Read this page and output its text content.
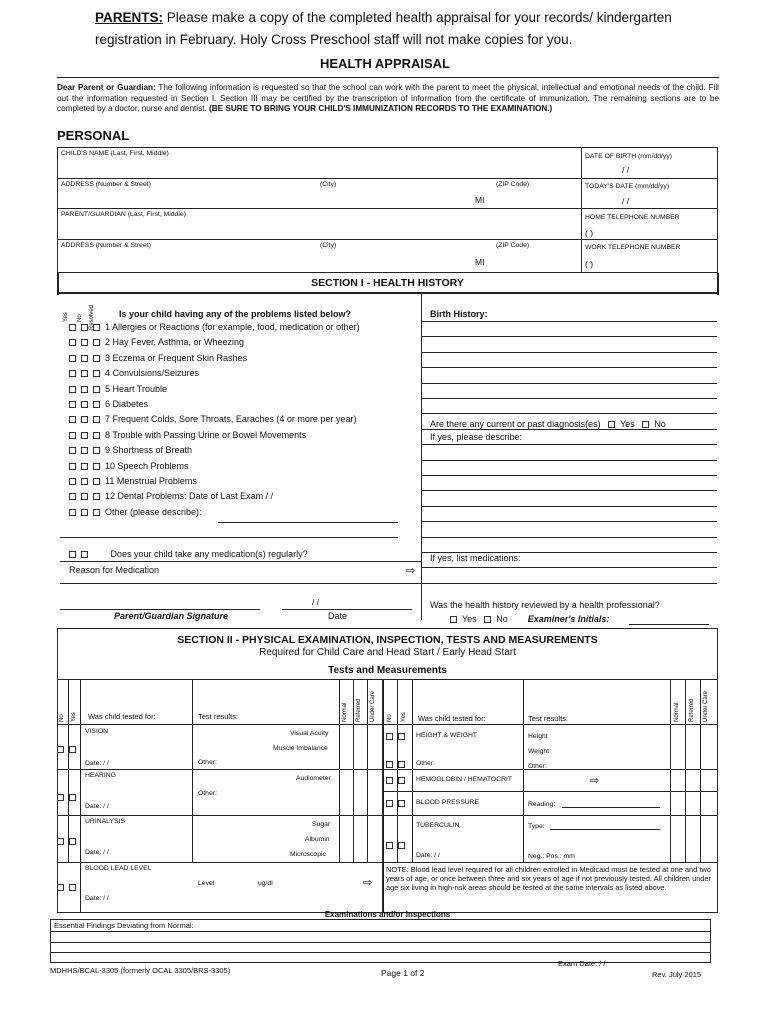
PARENTS: Please make a copy of the completed health appraisal for your records/ kindergarten
registration in February. Holy Cross Preschool staff will not make copies for you.
HEALTH APPRAISAL
Dear Parent or Guardian: The following information is requested so that the school can work with the parent to meet the physical, intellectual and emotional needs of the child. Fill out the information requested in Section I. Section III may be certified by the transcription of information from the certificate of immunization. The remaining sections are to be completed by a doctor, nurse and dentist. (BE SURE TO BRING YOUR CHILD'S IMMUNIZATION RECORDS TO THE EXAMINATION.)
PERSONAL
CHILD'S NAME (Last, First, Middle)	DATE OF BIRTH (mm/dd/yy)
/ /
ADDRESS (Number & Street)	(City)	(ZIP Code)
MI
TODAY'S DATE (mm/dd/yy)
/ /
PARENT/GUARDIAN (Last, First, Middle)	HOME TELEPHONE NUMBER
( )
ADDRESS (Number & Street)	(City)	(ZIP Code)
MI
WORK TELEPHONE NUMBER
( )
SECTION I - HEALTH HISTORY
Yes No Resolved	Is your child having any of the problems listed below?	Birth History:
1 Allergies or Reactions (for example, food, medication or other)
2 Hay Fever, Asthma, or Wheezing
3 Eczema or Frequent Skin Rashes
4 Convulsions/Seizures
5 Heart Trouble
6 Diabetes
7 Frequent Colds, Sore Throats, Earaches (4 or more per year)
8 Trouble with Passing Urine or Bowel Movements
9 Shortness of Breath
10 Speech Problems
11 Menstrual Problems
12 Dental Problems: Date of Last Exam / /
Other (please describe):
Are there any current or past diagnosis(es) Yes No
If yes, please describe:
Does your child take any medication(s) regularly?	If yes, list medications:
Reason for Medication	⇨
/ /
Parent/Guardian Signature	Date
Was the health history reviewed by a health professional?
Yes No Examiner's Initials:
SECTION II - PHYSICAL EXAMINATION, INSPECTION, TESTS AND MEASUREMENTS
Required for Child Care and Head Start / Early Head Start
Tests and Measurements
No Yes Was child tested for:	Test results:	Normal Referred Under Care No Yes Was child tested for:	Test results:	Normal Referred Under Care
VISION	Visual Acuity
Muscle Imbalance
Other:
Date: / /
HEARING	Audiometer
Other:
Date: / /
URINALYSIS	Sugar
Albumin
Microscopic
Date: / /
BLOOD LEAD LEVEL
Level	ug/dl	⇨
Date: / /
HEIGHT & WEIGHT	Height
Weight
Other:	Other:
HEMOGLOBIN / HEMATOCRIT	⇨
BLOOD PRESSURE	Reading:
TUBERCULIN	Type:
Date: / /	Neg.: Pos.: mm
NOTE: Blood lead level required for all children enrolled in Medicaid must be tested at one and two years of age, or once between three and six years of age if not previously tested. All children under age six living in high-risk areas should be tested at the same intervals as listed above.
Examinations and/or Inspections
Essential Findings Deviating from Normal:
Exam Date: / /
MDHHS/BCAL-3305 (formerly OCAL 3305/BRS-3305)	Page 1 of 2	Rev. July 2015
